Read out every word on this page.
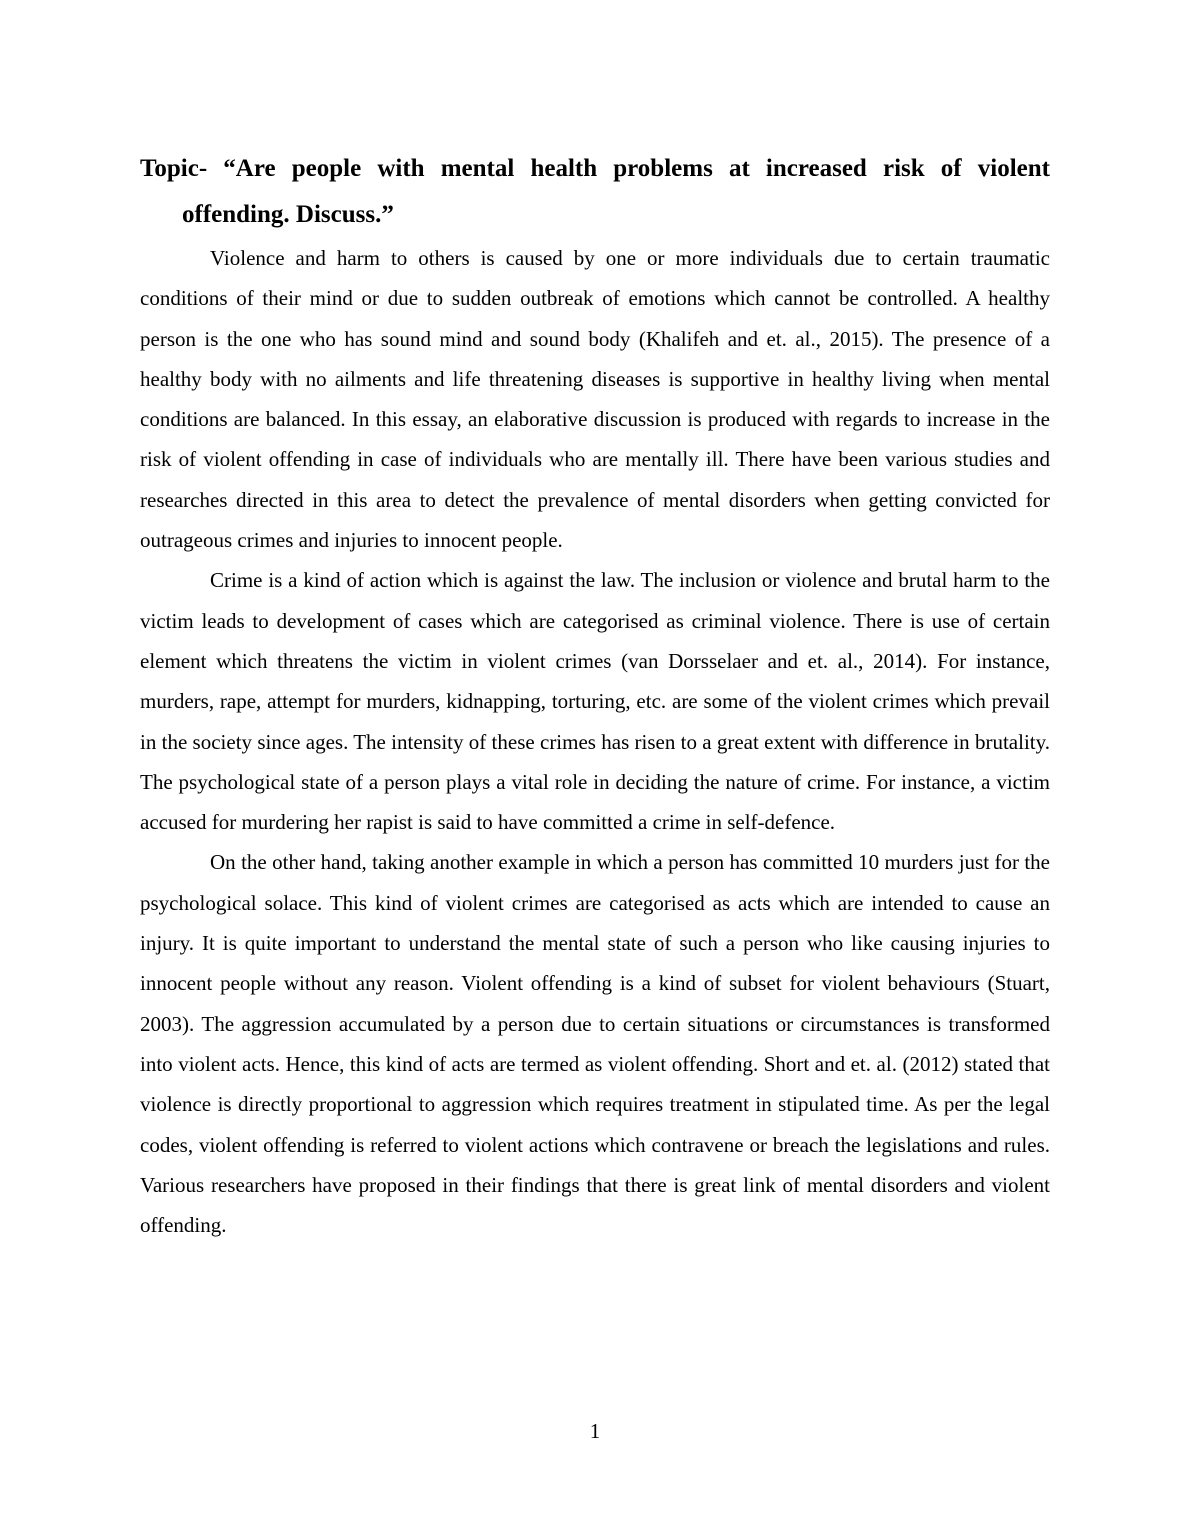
Topic- “Are people with mental health problems at increased risk of violent offending. Discuss.”

Violence and harm to others is caused by one or more individuals due to certain traumatic conditions of their mind or due to sudden outbreak of emotions which cannot be controlled. A healthy person is the one who has sound mind and sound body (Khalifeh and et. al., 2015). The presence of a healthy body with no ailments and life threatening diseases is supportive in healthy living when mental conditions are balanced. In this essay, an elaborative discussion is produced with regards to increase in the risk of violent offending in case of individuals who are mentally ill. There have been various studies and researches directed in this area to detect the prevalence of mental disorders when getting convicted for outrageous crimes and injuries to innocent people.

Crime is a kind of action which is against the law. The inclusion or violence and brutal harm to the victim leads to development of cases which are categorised as criminal violence. There is use of certain element which threatens the victim in violent crimes (van Dorsselaer and et. al., 2014). For instance, murders, rape, attempt for murders, kidnapping, torturing, etc. are some of the violent crimes which prevail in the society since ages. The intensity of these crimes has risen to a great extent with difference in brutality. The psychological state of a person plays a vital role in deciding the nature of crime. For instance, a victim accused for murdering her rapist is said to have committed a crime in self-defence.

On the other hand, taking another example in which a person has committed 10 murders just for the psychological solace. This kind of violent crimes are categorised as acts which are intended to cause an injury. It is quite important to understand the mental state of such a person who like causing injuries to innocent people without any reason. Violent offending is a kind of subset for violent behaviours (Stuart, 2003). The aggression accumulated by a person due to certain situations or circumstances is transformed into violent acts. Hence, this kind of acts are termed as violent offending. Short and et. al. (2012) stated that violence is directly proportional to aggression which requires treatment in stipulated time. As per the legal codes, violent offending is referred to violent actions which contravene or breach the legislations and rules. Various researchers have proposed in their findings that there is great link of mental disorders and violent offending.

1
